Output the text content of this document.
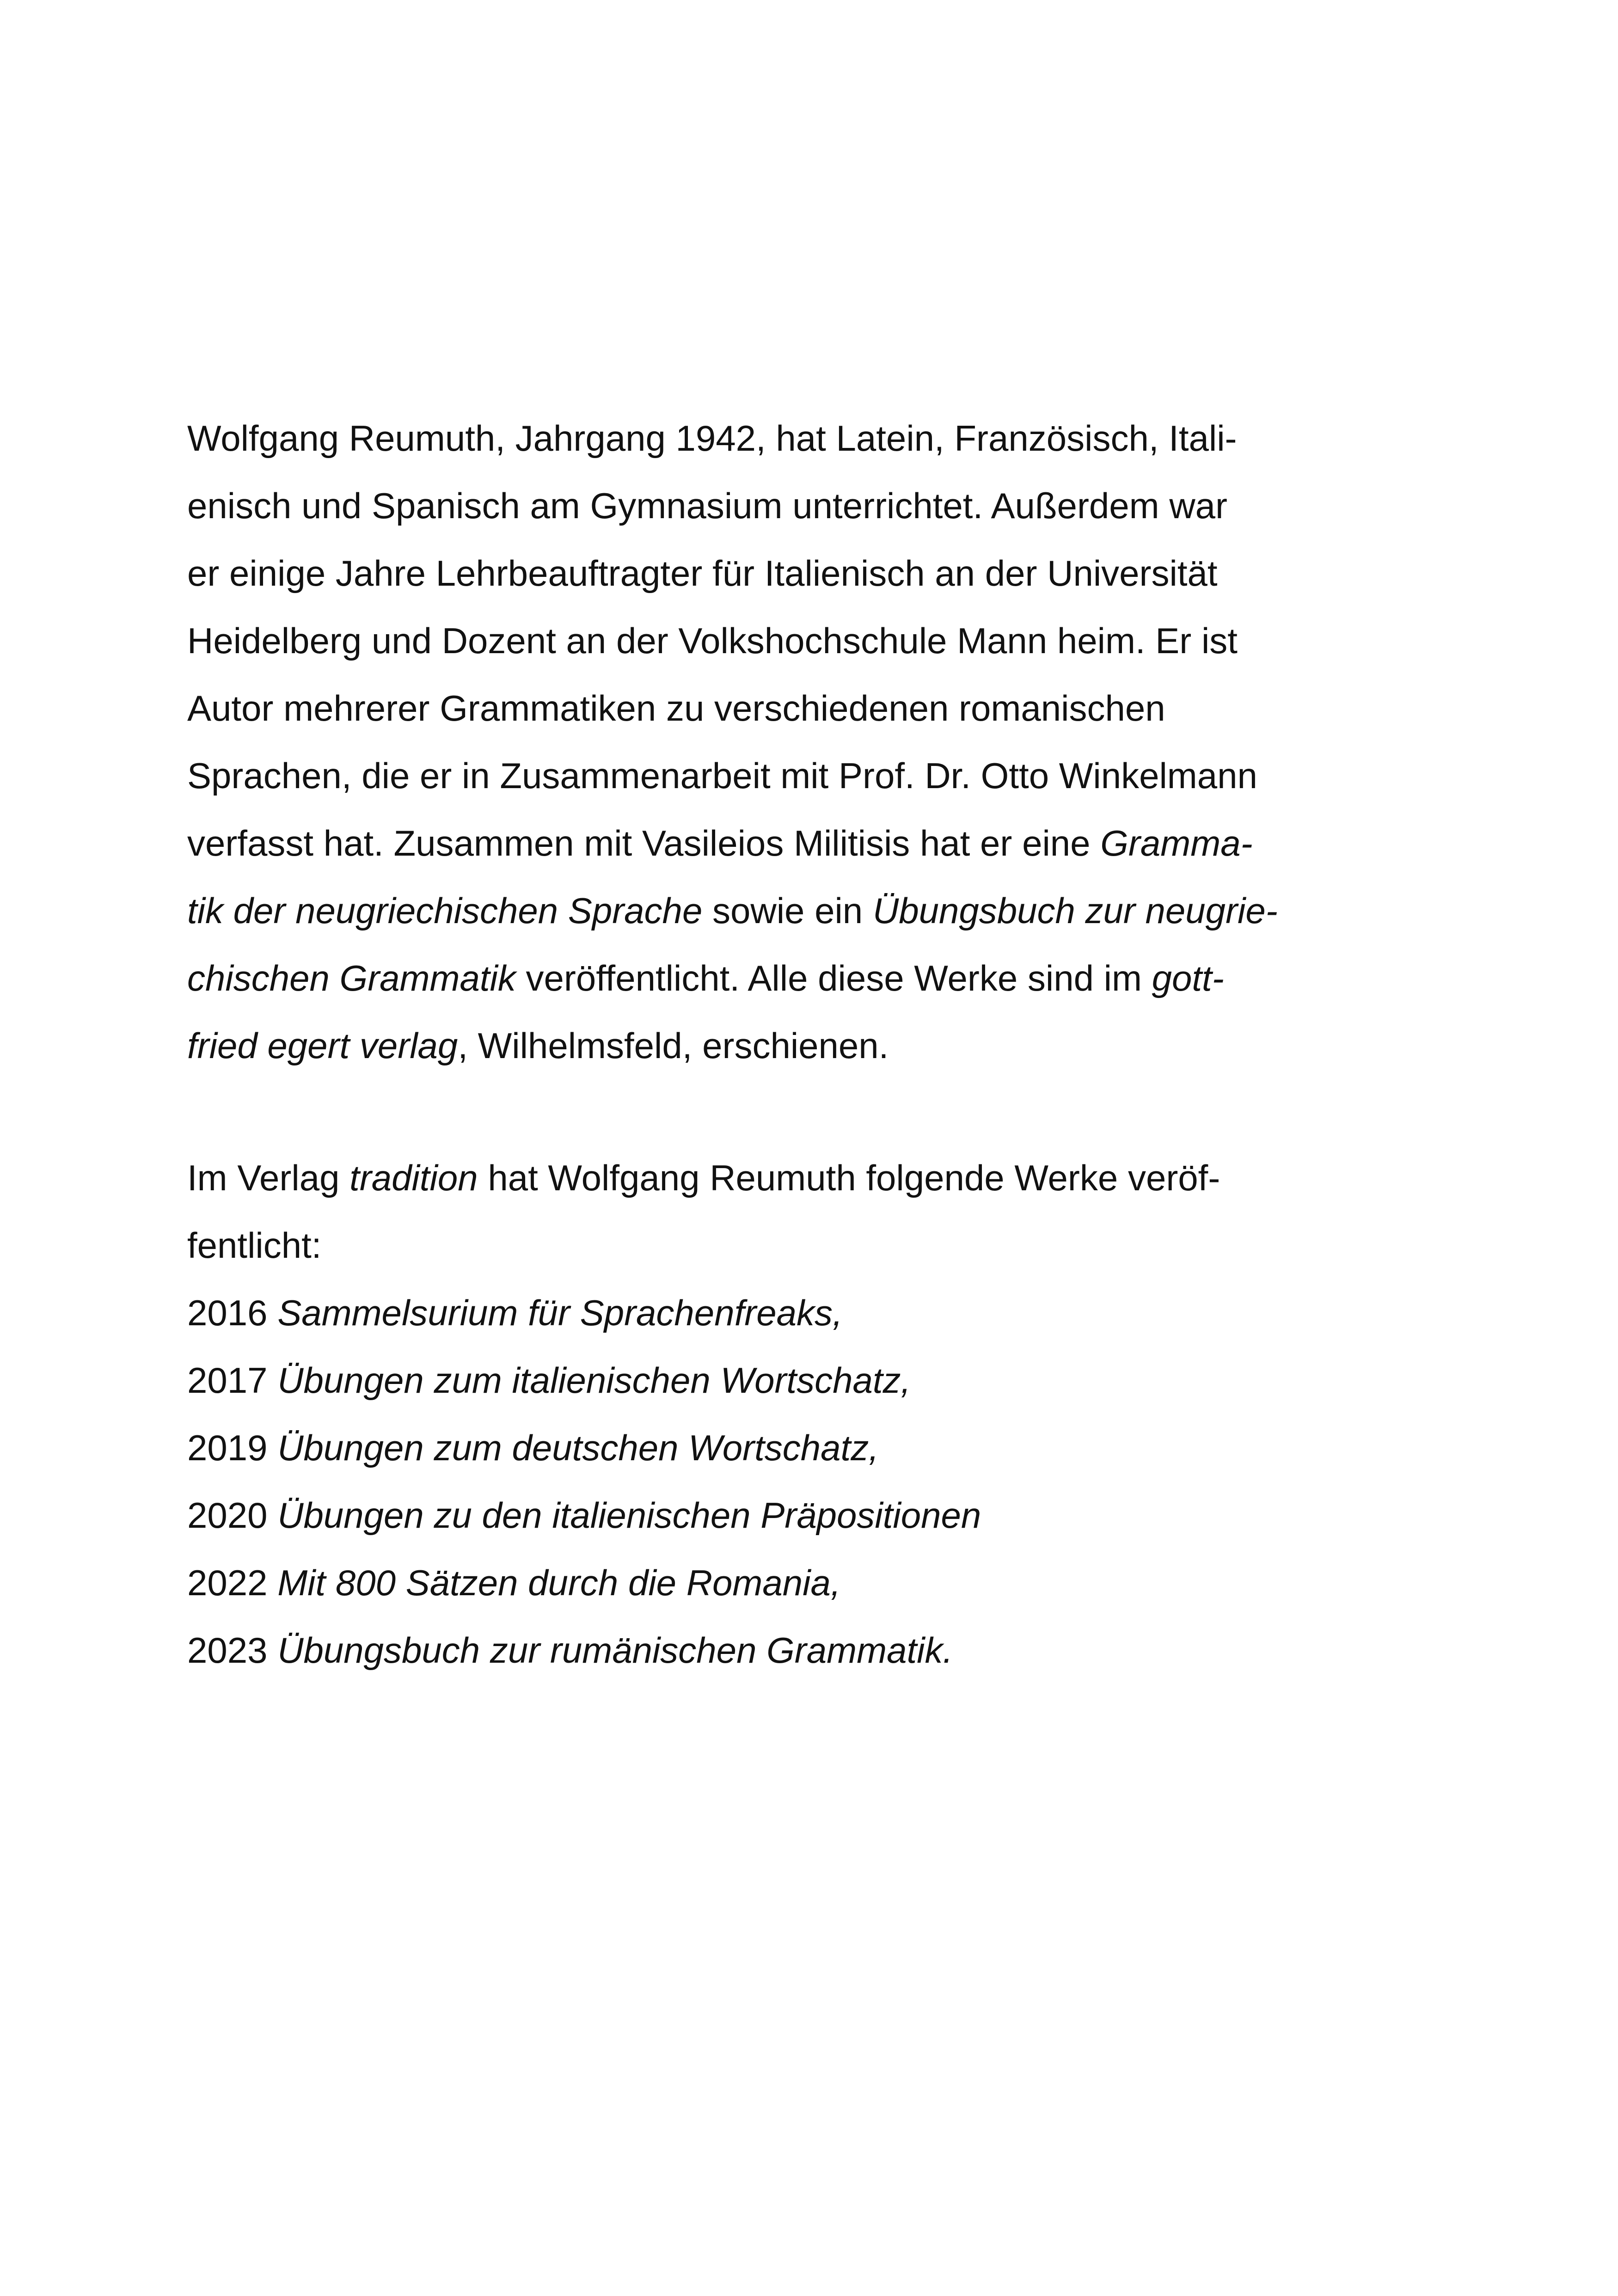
Wolfgang Reumuth, Jahrgang 1942, hat Latein, Französisch, Itali-
enisch und Spanisch am Gymnasium unterrichtet. Außerdem war
er einige Jahre Lehrbeauftragter für Italienisch an der Universität
Heidelberg und Dozent an der Volkshochschule Mann heim. Er ist
Autor mehrerer Grammatiken zu verschiedenen romanischen
Sprachen, die er in Zusammenarbeit mit Prof. Dr. Otto Winkelmann
verfasst hat. Zusammen mit Vasileios Militisis hat er eine Gramma-
tik der neugriechischen Sprache sowie ein Übungsbuch zur neugrie-
chischen Grammatik veröffentlicht. Alle diese Werke sind im gott-
fried egert verlag, Wilhelmsfeld, erschienen.
Im Verlag tradition hat Wolfgang Reumuth folgende Werke veröf-
fentlicht:
2016 Sammelsurium für Sprachenfreaks,
2017 Übungen zum italienischen Wortschatz,
2019 Übungen zum deutschen Wortschatz,
2020 Übungen zu den italienischen Präpositionen
2022 Mit 800 Sätzen durch die Romania,
2023 Übungsbuch zur rumänischen Grammatik.
